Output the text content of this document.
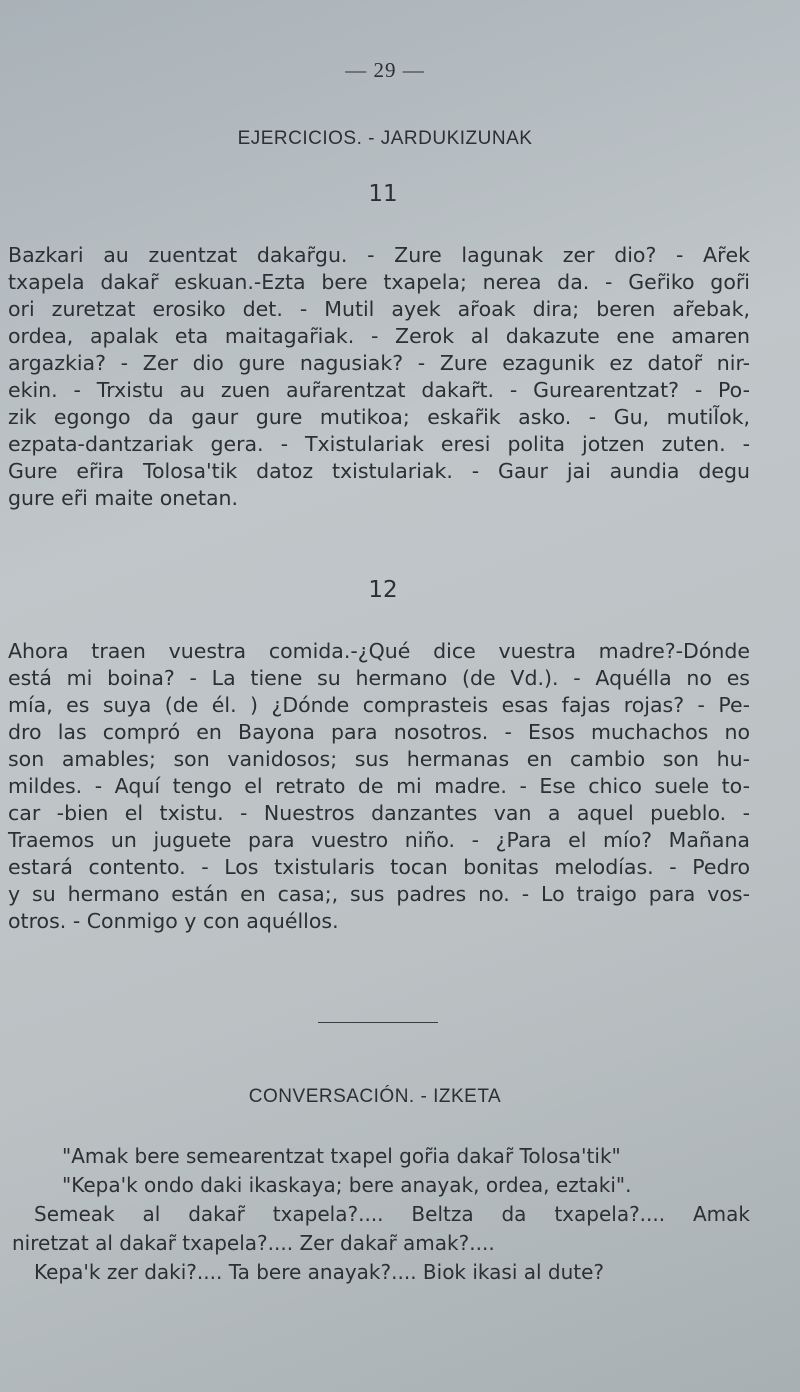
— 29 —
EJERCICIOS. - JARDUKIZUNAK
11
Bazkari au zuentzat dakar̃gu. - Zure lagunak zer dio? - Ar̃ek
txapela dakar̃ eskuan.-Ezta bere txapela; nerea da. - Ger̃iko gor̃i
ori zuretzat erosiko det. - Mutil ayek ar̃oak dira; beren ar̃ebak,
ordea, apalak eta maitagar̃iak. - Zerok al dakazute ene amaren
argazkia? - Zer dio gure nagusiak? - Zure ezagunik ez dator̃ nir-
ekin. - Trxistu au zuen aur̃arentzat dakar̃t. - Gurearentzat? - Po-
zik egongo da gaur gure mutikoa; eskar̃ik asko. - Gu, mutil̃ok,
ezpata-dantzariak gera. - Txistulariak eresi polita jotzen zuten. -
Gure er̃ira Tolosa'tik datoz txistulariak. - Gaur jai aundia degu
gure er̃i maite onetan.
12
Ahora traen vuestra comida.-¿Qué dice vuestra madre?-Dónde
está mi boina? - La tiene su hermano (de Vd.). - Aquélla no es
mía, es suya (de él. ) ¿Dónde comprasteis esas fajas rojas? - Pe-
dro las compró en Bayona para nosotros. - Esos muchachos no
son amables; son vanidosos; sus hermanas en cambio son hu-
mildes. - Aquí tengo el retrato de mi madre. - Ese chico suele to-
car -bien el txistu. - Nuestros danzantes van a aquel pueblo. -
Traemos un juguete para vuestro niño. - ¿Para el mío? Mañana
estará contento. - Los txistularis tocan bonitas melodías. - Pedro
y su hermano están en casa;, sus padres no. - Lo traigo para vos-
otros. - Conmigo y con aquéllos.
CONVERSACIÓN. - IZKETA
"Amak bere semearentzat txapel gor̃ia dakar̃ Tolosa'tik"
"Kepa'k ondo daki ikaskaya; bere anayak, ordea, eztaki".
Semeak al dakar̃ txapela?.... Beltza da txapela?.... Amak
niretzat al dakar̃ txapela?.... Zer dakar̃ amak?....
Kepa'k zer daki?.... Ta bere anayak?.... Biok ikasi al dute?
